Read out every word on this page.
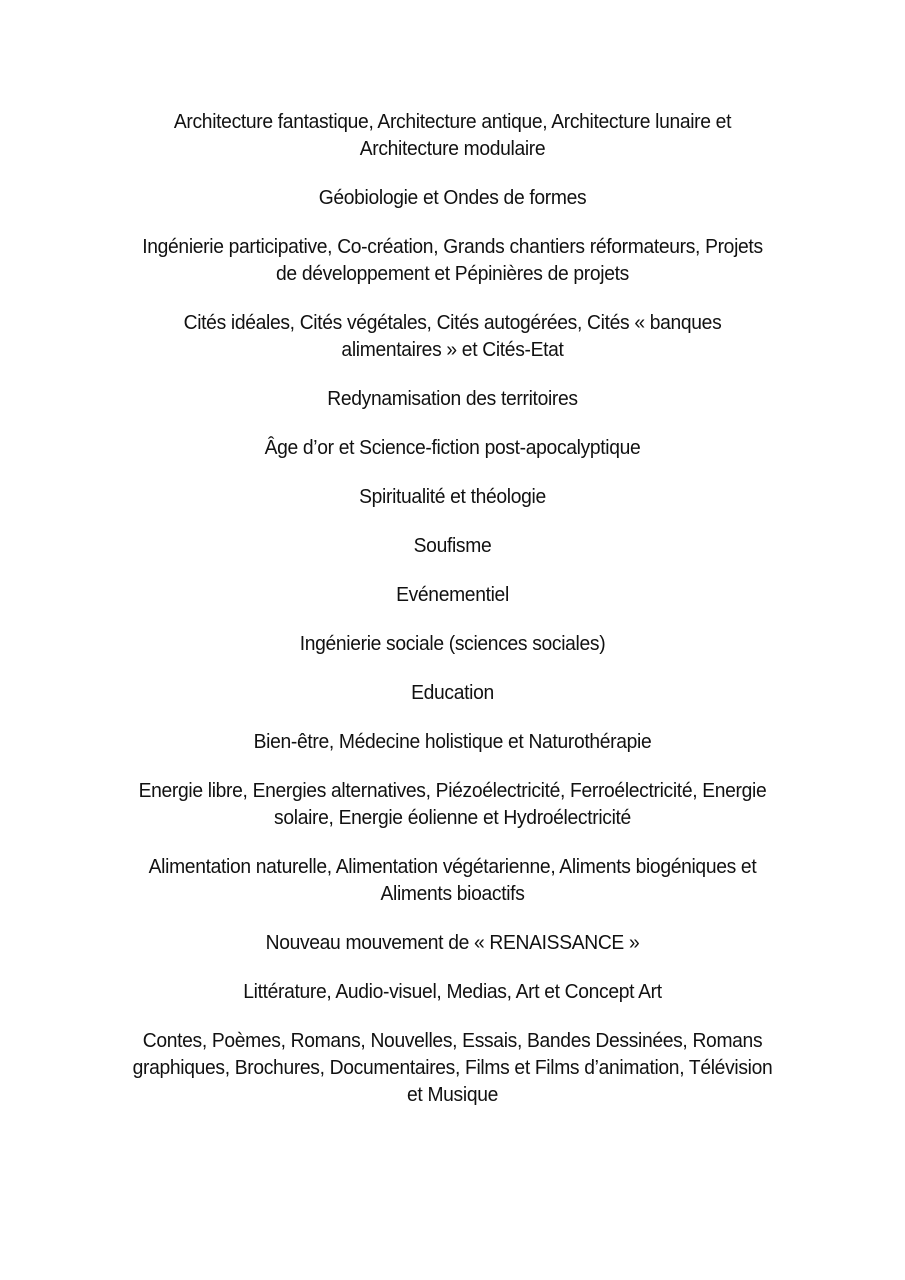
Architecture fantastique, Architecture antique, Architecture lunaire et
Architecture modulaire

Géobiologie et Ondes de formes

Ingénierie participative, Co-création, Grands chantiers réformateurs, Projets
de développement et Pépinières de projets

Cités idéales, Cités végétales, Cités autogérées, Cités « banques
alimentaires » et Cités-Etat

Redynamisation des territoires

Âge d’or et Science-fiction post-apocalyptique

Spiritualité et théologie

Soufisme

Evénementiel

Ingénierie sociale (sciences sociales)

Education

Bien-être, Médecine holistique et Naturothérapie

Energie libre, Energies alternatives, Piézoélectricité, Ferroélectricité, Energie
solaire, Energie éolienne et Hydroélectricité

Alimentation naturelle, Alimentation végétarienne, Aliments biogéniques et
Aliments bioactifs

Nouveau mouvement de « RENAISSANCE »

Littérature, Audio-visuel, Medias, Art et Concept Art

Contes, Poèmes, Romans, Nouvelles, Essais, Bandes Dessinées, Romans
graphiques, Brochures, Documentaires, Films et Films d’animation, Télévision
et Musique
